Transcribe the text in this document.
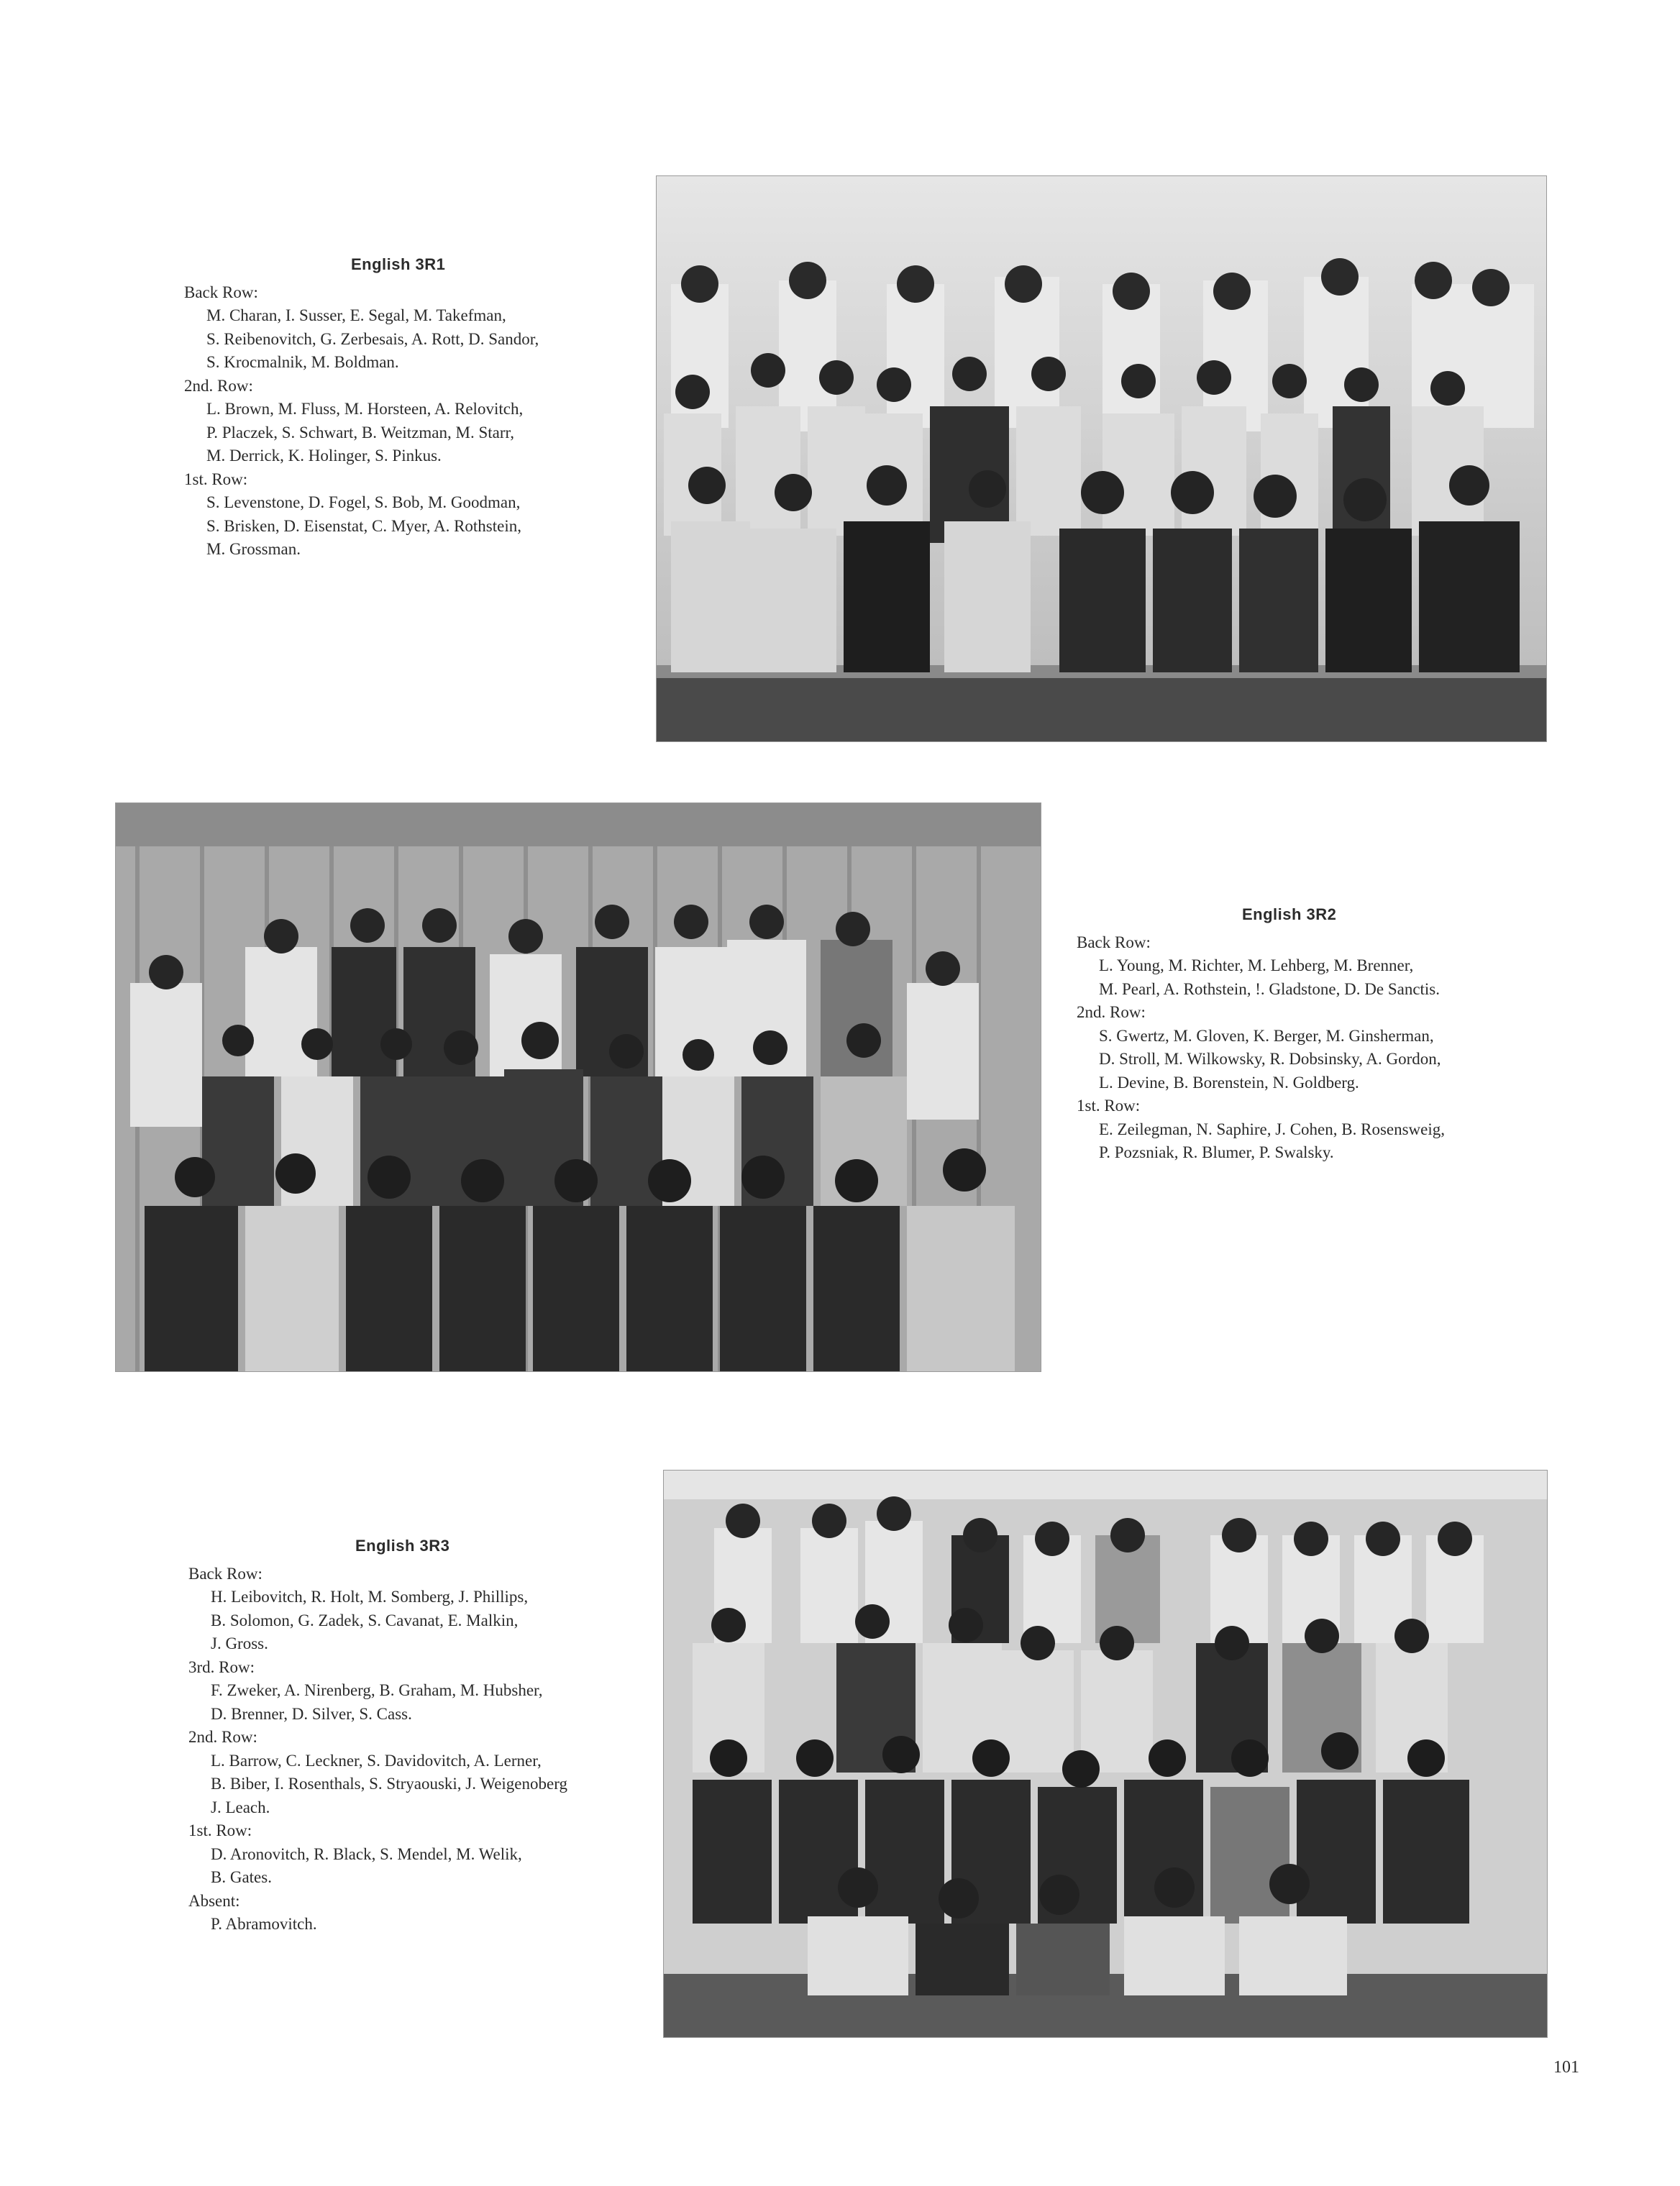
English 3R1
Back Row:
M. Charan, I. Susser, E. Segal, M. Takefman,
S. Reibenovitch, G. Zerbesais, A. Rott, D. Sandor,
S. Krocmalnik, M. Boldman.
2nd. Row:
L. Brown, M. Fluss, M. Horsteen, A. Relovitch,
P. Placzek, S. Schwart, B. Weitzman, M. Starr,
M. Derrick, K. Holinger, S. Pinkus.
1st. Row:
S. Levenstone, D. Fogel, S. Bob, M. Goodman,
S. Brisken, D. Eisenstat, C. Myer, A. Rothstein,
M. Grossman.
English 3R2
Back Row:
L. Young, M. Richter, M. Lehberg, M. Brenner,
M. Pearl, A. Rothstein, !. Gladstone, D. De Sanctis.
2nd. Row:
S. Gwertz, M. Gloven, K. Berger, M. Ginsherman,
D. Stroll, M. Wilkowsky, R. Dobsinsky, A. Gordon,
L. Devine, B. Borenstein, N. Goldberg.
1st. Row:
E. Zeilegman, N. Saphire, J. Cohen, B. Rosensweig,
P. Pozsniak, R. Blumer, P. Swalsky.
English 3R3
Back Row:
H. Leibovitch, R. Holt, M. Somberg, J. Phillips,
B. Solomon, G. Zadek, S. Cavanat, E. Malkin,
J. Gross.
3rd. Row:
F. Zweker, A. Nirenberg, B. Graham, M. Hubsher,
D. Brenner, D. Silver, S. Cass.
2nd. Row:
L. Barrow, C. Leckner, S. Davidovitch, A. Lerner,
B. Biber, I. Rosenthals, S. Stryaouski, J. Weigenoberg
J. Leach.
1st. Row:
D. Aronovitch, R. Black, S. Mendel, M. Welik,
B. Gates.
Absent:
P. Abramovitch.
101
